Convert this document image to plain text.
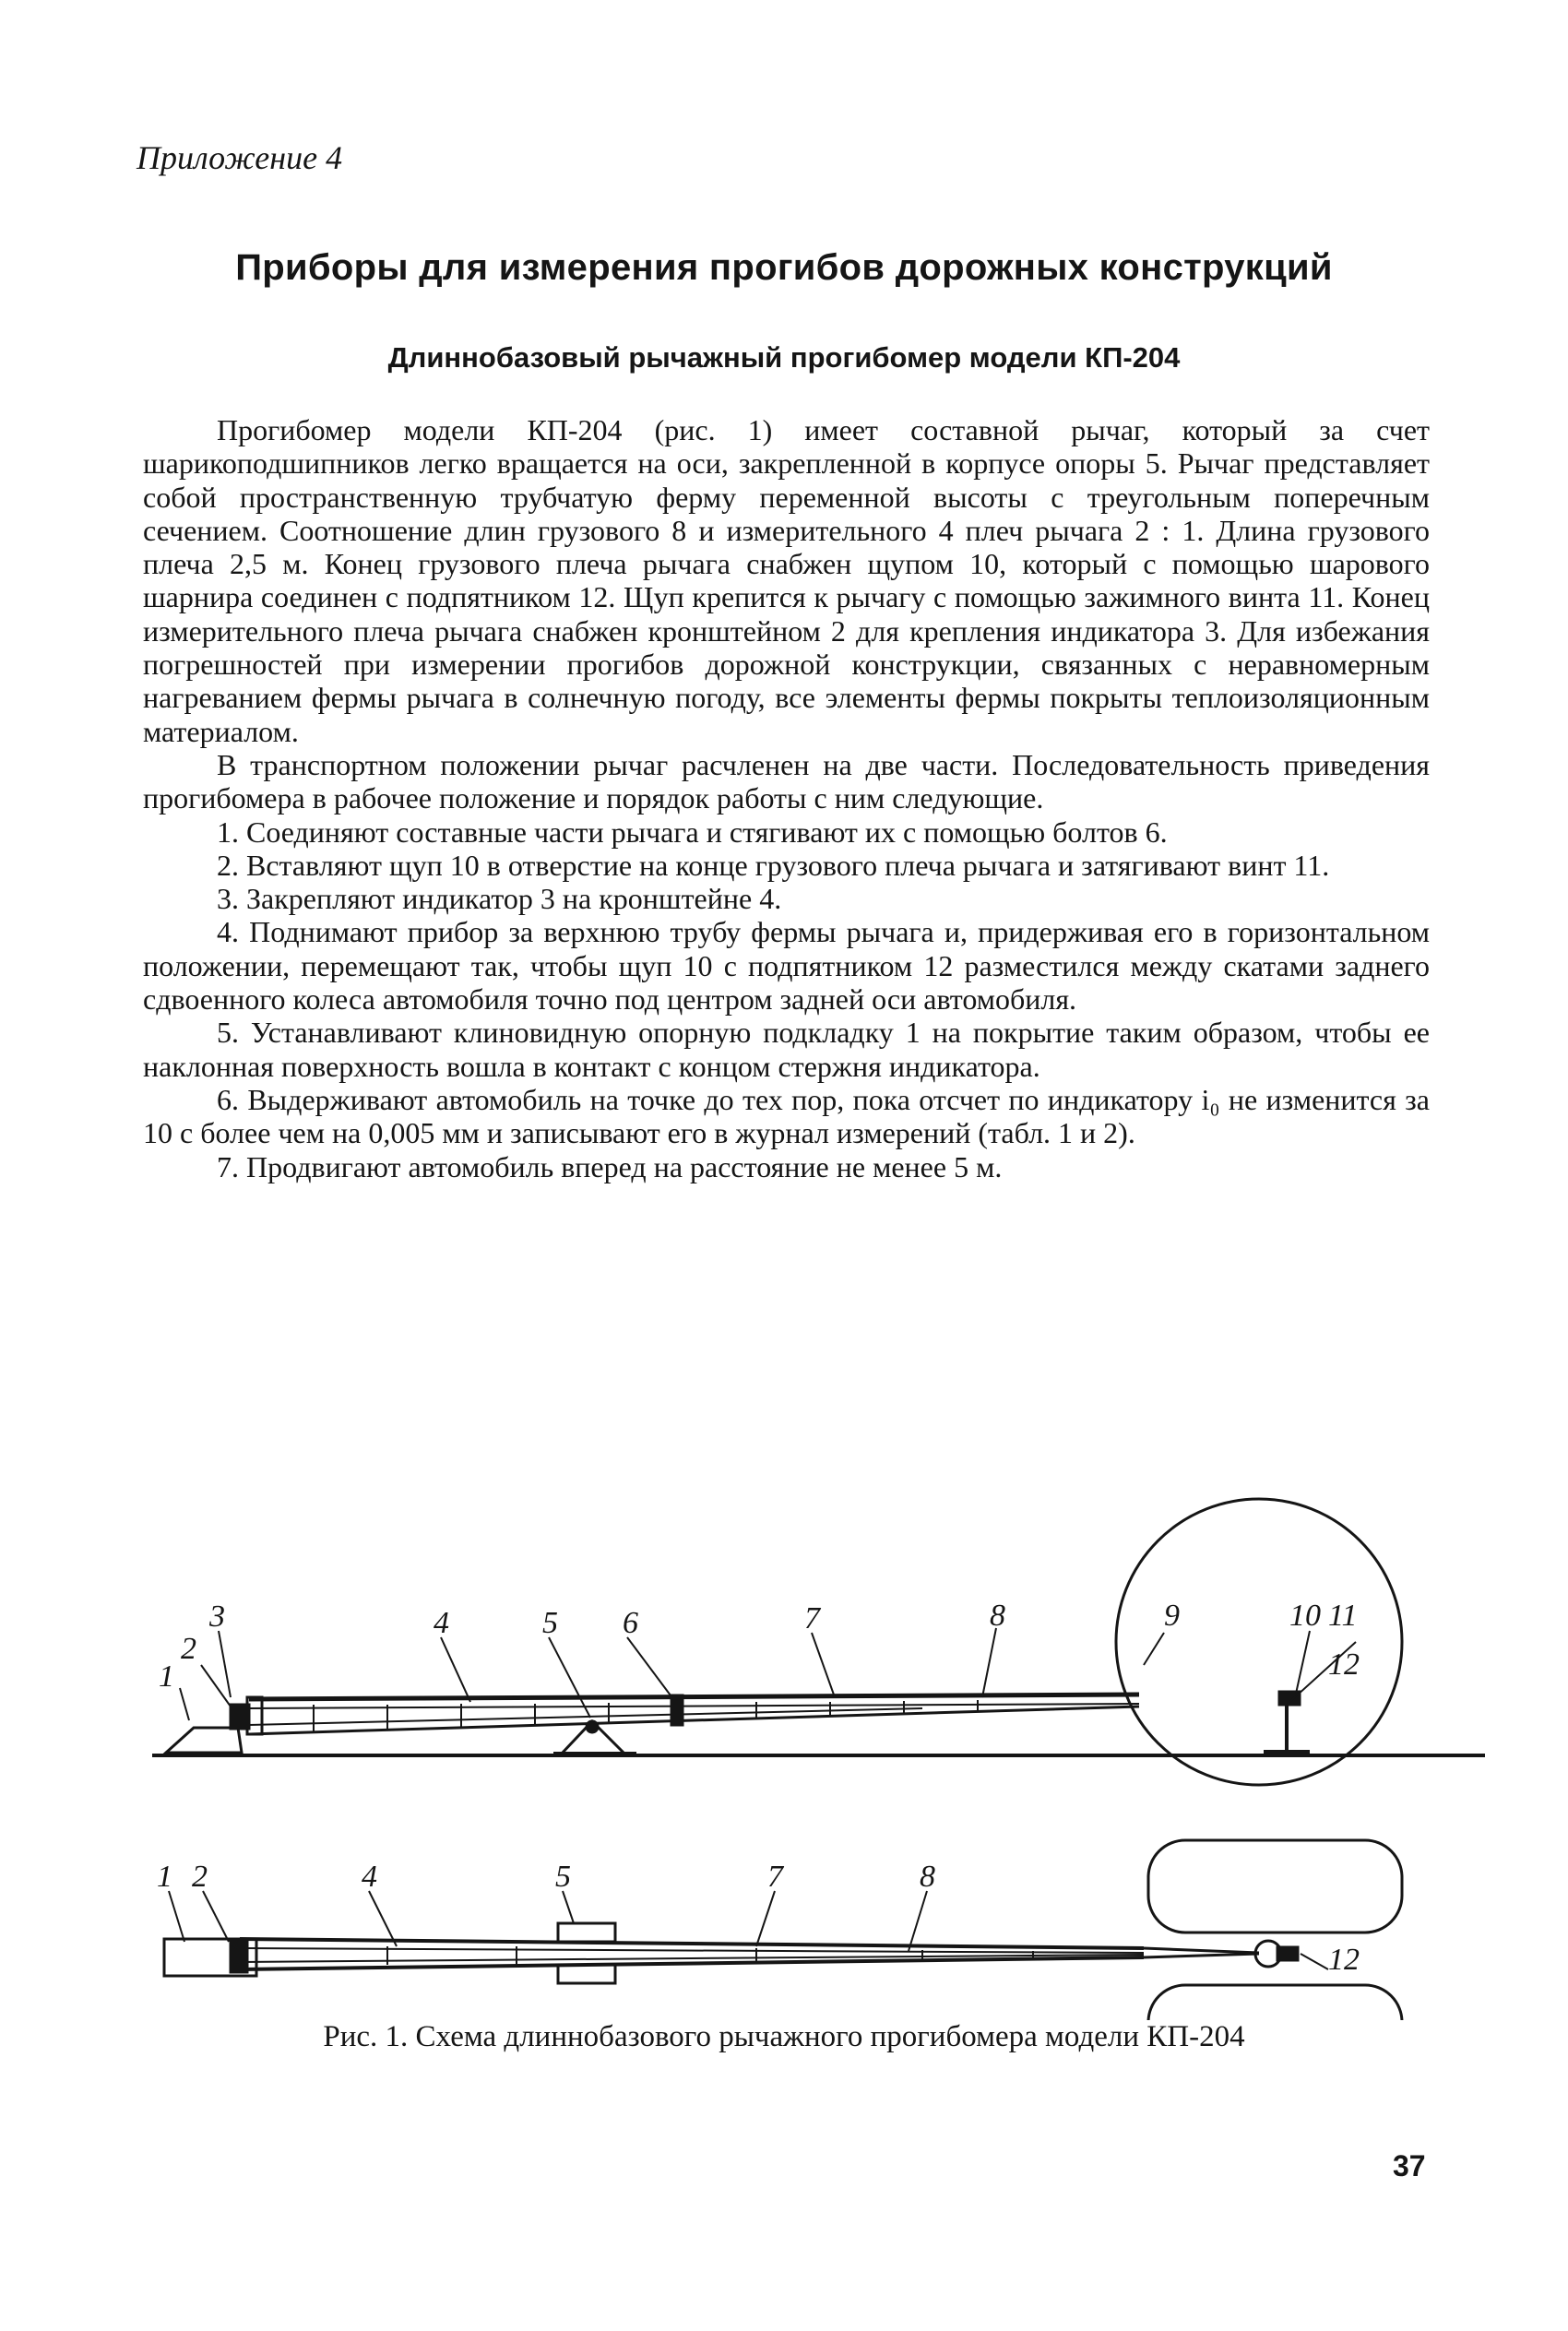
Приложение 4
Приборы для измерения прогибов дорожных конструкций
Длиннобазовый рычажный прогибомер модели КП-204

Прогибомер модели КП-204 (рис. 1) имеет составной рычаг, который за счет шарикоподшипников легко вращается на оси, закрепленной в корпусе опоры 5. Рычаг представляет собой пространственную трубчатую ферму переменной высоты с треугольным поперечным сечением. Соотношение длин грузового 8 и измерительного 4 плеч рычага 2 : 1. Длина грузового плеча 2,5 м. Конец грузового плеча рычага снабжен щупом 10, который с помощью шарового шарнира соединен с подпятником 12. Щуп крепится к рычагу с помощью зажимного винта 11. Конец измерительного плеча рычага снабжен кронштейном 2 для крепления индикатора 3. Для избежания погрешностей при измерении прогибов дорожной конструкции, связанных с неравномерным нагреванием фермы рычага в солнечную погоду, все элементы фермы покрыты теплоизоляционным материалом.

В транспортном положении рычаг расчленен на две части. Последовательность приведения прогибомера в рабочее положение и порядок работы с ним следующие.

1. Соединяют составные части рычага и стягивают их с помощью болтов 6.

2. Вставляют щуп 10 в отверстие на конце грузового плеча рычага и затягивают винт 11.

3. Закрепляют индикатор 3 на кронштейне 4.

4. Поднимают прибор за верхнюю трубу фермы рычага и, придерживая его в горизонтальном положении, перемещают так, чтобы щуп 10 с подпятником 12 разместился между скатами заднего сдвоенного колеса автомобиля точно под центром задней оси автомобиля.

5. Устанавливают клиновидную опорную подкладку 1 на покрытие таким образом, чтобы ее наклонная поверхность вошла в контакт с концом стержня индикатора.

6. Выдерживают автомобиль на точке до тех пор, пока отсчет по индикатору i₀ не изменится за 10 с более чем на 0,005 мм и записывают его в журнал измерений (табл. 1 и 2).

7. Продвигают автомобиль вперед на расстояние не менее 5 м.

3
2
1
4	5 6	7	8	9	10 11
12
1 2	4	5	7	8
12
Рис. 1. Схема длиннобазового рычажного прогибомера модели КП-204
37
